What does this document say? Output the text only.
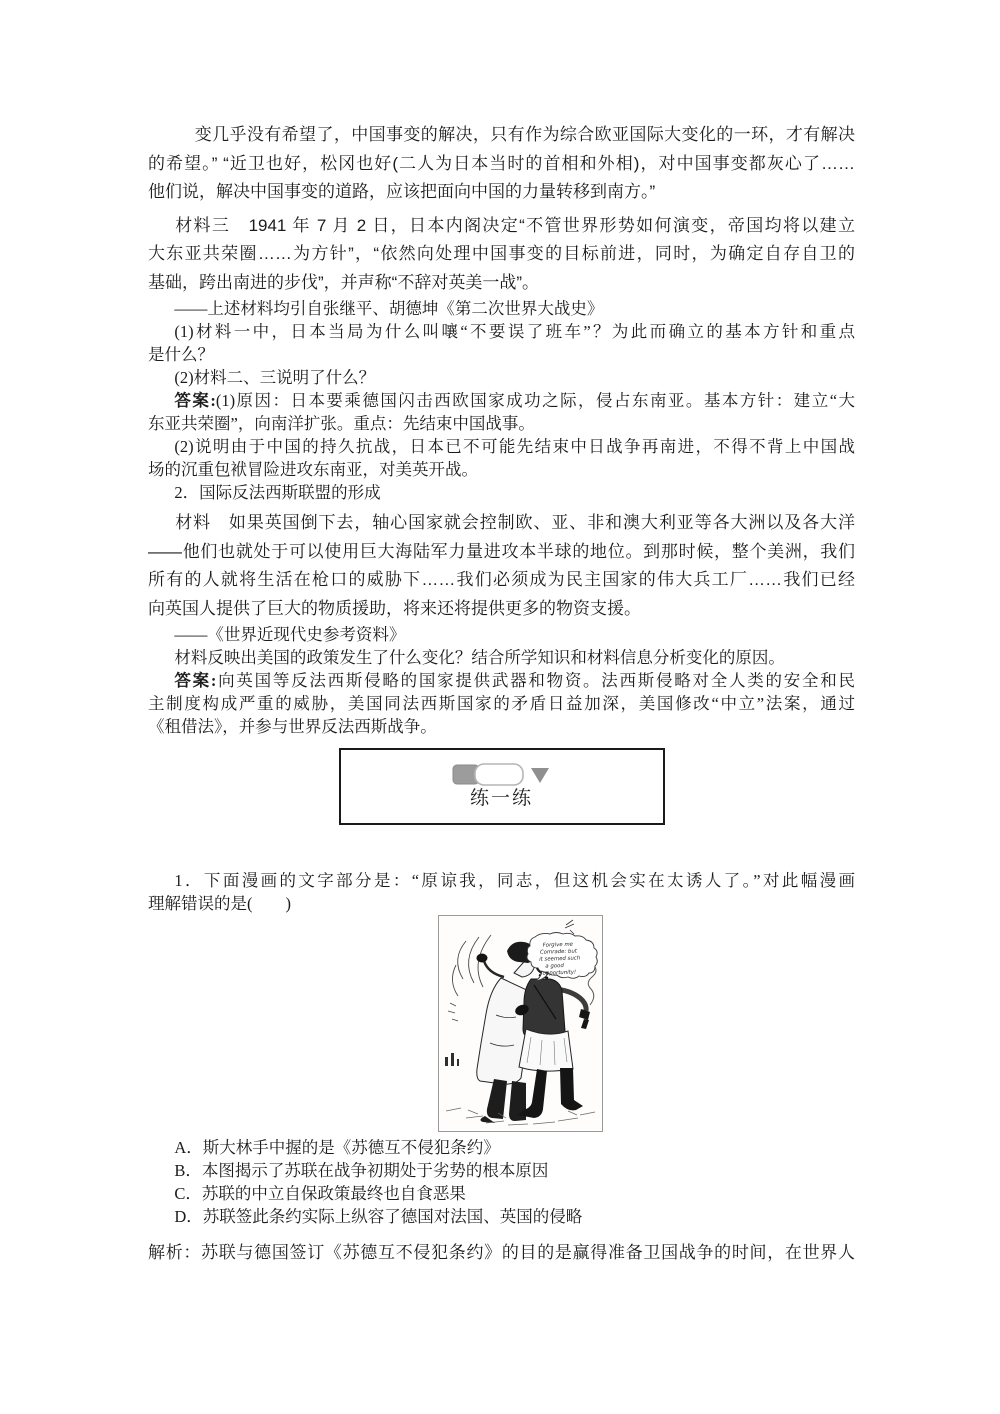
变几乎没有希望了，中国事变的解决，只有作为综合欧亚国际大变化的一环，才有解决
的希望。” “近卫也好，松冈也好(二人为日本当时的首相和外相)，对中国事变都灰心了……
他们说，解决中国事变的道路，应该把面向中国的力量转移到南方。”
材料三　1941 年 7 月 2 日，日本内阁决定“不管世界形势如何演变，帝国均将以建立
大东亚共荣圈……为方针”，“依然向处理中国事变的目标前进，同时，为确定自存自卫的
基础，跨出南进的步伐”，并声称“不辞对英美一战”。
——上述材料均引自张继平、胡德坤《第二次世界大战史》
(1)材料一中，日本当局为什么叫嚷“不要误了班车”？为此而确立的基本方针和重点
是什么？
(2)材料二、三说明了什么？
答案:(1)原因：日本要乘德国闪击西欧国家成功之际，侵占东南亚。基本方针：建立“大
东亚共荣圈”，向南洋扩张。重点：先结束中国战事。
(2)说明由于中国的持久抗战，日本已不可能先结束中日战争再南进，不得不背上中国战
场的沉重包袱冒险进攻东南亚，对美英开战。
2．国际反法西斯联盟的形成
材料　如果英国倒下去，轴心国家就会控制欧、亚、非和澳大利亚等各大洲以及各大洋
——他们也就处于可以使用巨大海陆军力量进攻本半球的地位。到那时候，整个美洲，我们
所有的人就将生活在枪口的威胁下……我们必须成为民主国家的伟大兵工厂……我们已经
向英国人提供了巨大的物质援助，将来还将提供更多的物资支援。
——《世界近现代史参考资料》
材料反映出美国的政策发生了什么变化？结合所学知识和材料信息分析变化的原因。
答案:向英国等反法西斯侵略的国家提供武器和物资。法西斯侵略对全人类的安全和民
主制度构成严重的威胁，美国同法西斯国家的矛盾日益加深，美国修改“中立”法案，通过
《租借法》，并参与世界反法西斯战争。
练一练
1．下面漫画的文字部分是：“原谅我，同志，但这机会实在太诱人了。”对此幅漫画
理解错误的是(　　)
Forgive me
Comrade: but
it seemed such
a good
opportunity!
A．斯大林手中握的是《苏德互不侵犯条约》
B．本图揭示了苏联在战争初期处于劣势的根本原因
C．苏联的中立自保政策最终也自食恶果
D．苏联签此条约实际上纵容了德国对法国、英国的侵略
解析：苏联与德国签订《苏德互不侵犯条约》的目的是赢得准备卫国战争的时间，在世界人
